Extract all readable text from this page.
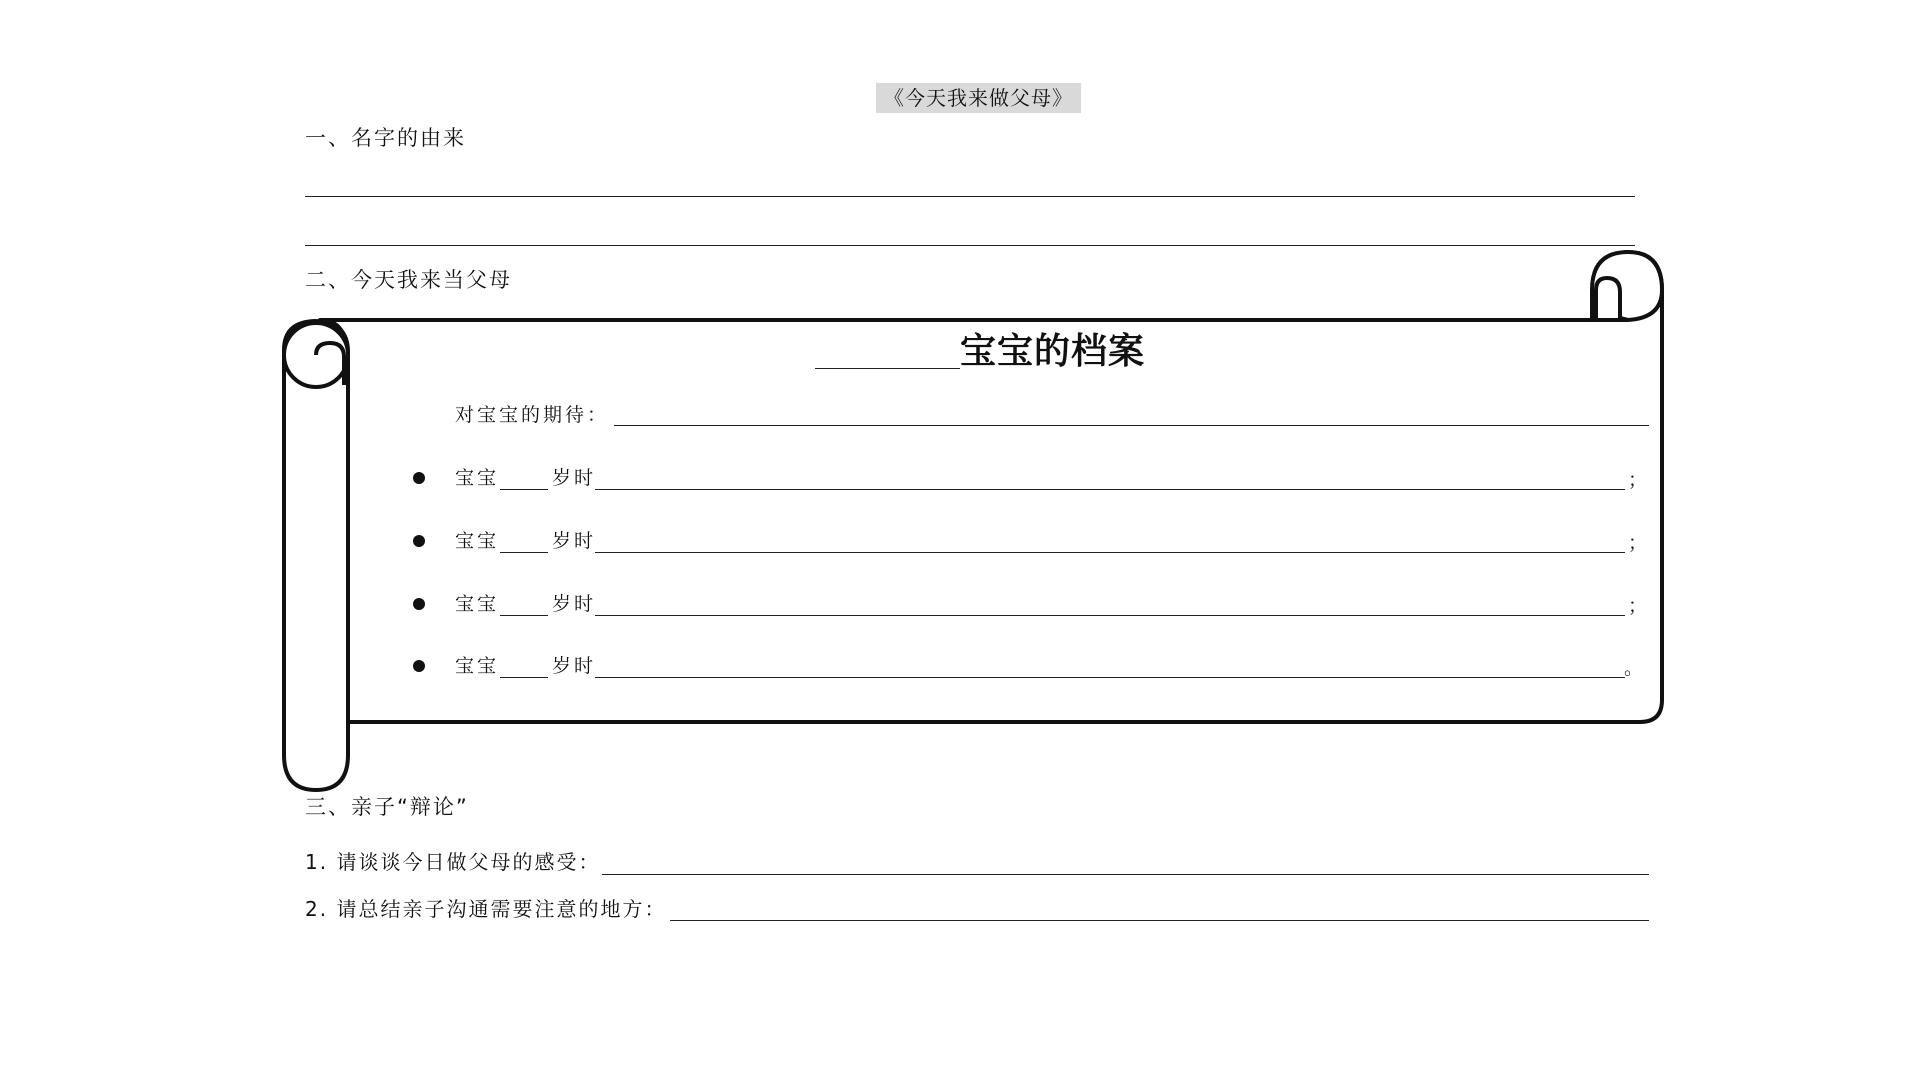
《今天我来做父母》
一、名字的由来
二、今天我来当父母
宝宝的档案
对宝宝的期待：
宝宝	岁时	；
宝宝	岁时	；
宝宝	岁时	；
宝宝	岁时	。
三、亲子“辩论”
1. 请谈谈今日做父母的感受：
2. 请总结亲子沟通需要注意的地方：
